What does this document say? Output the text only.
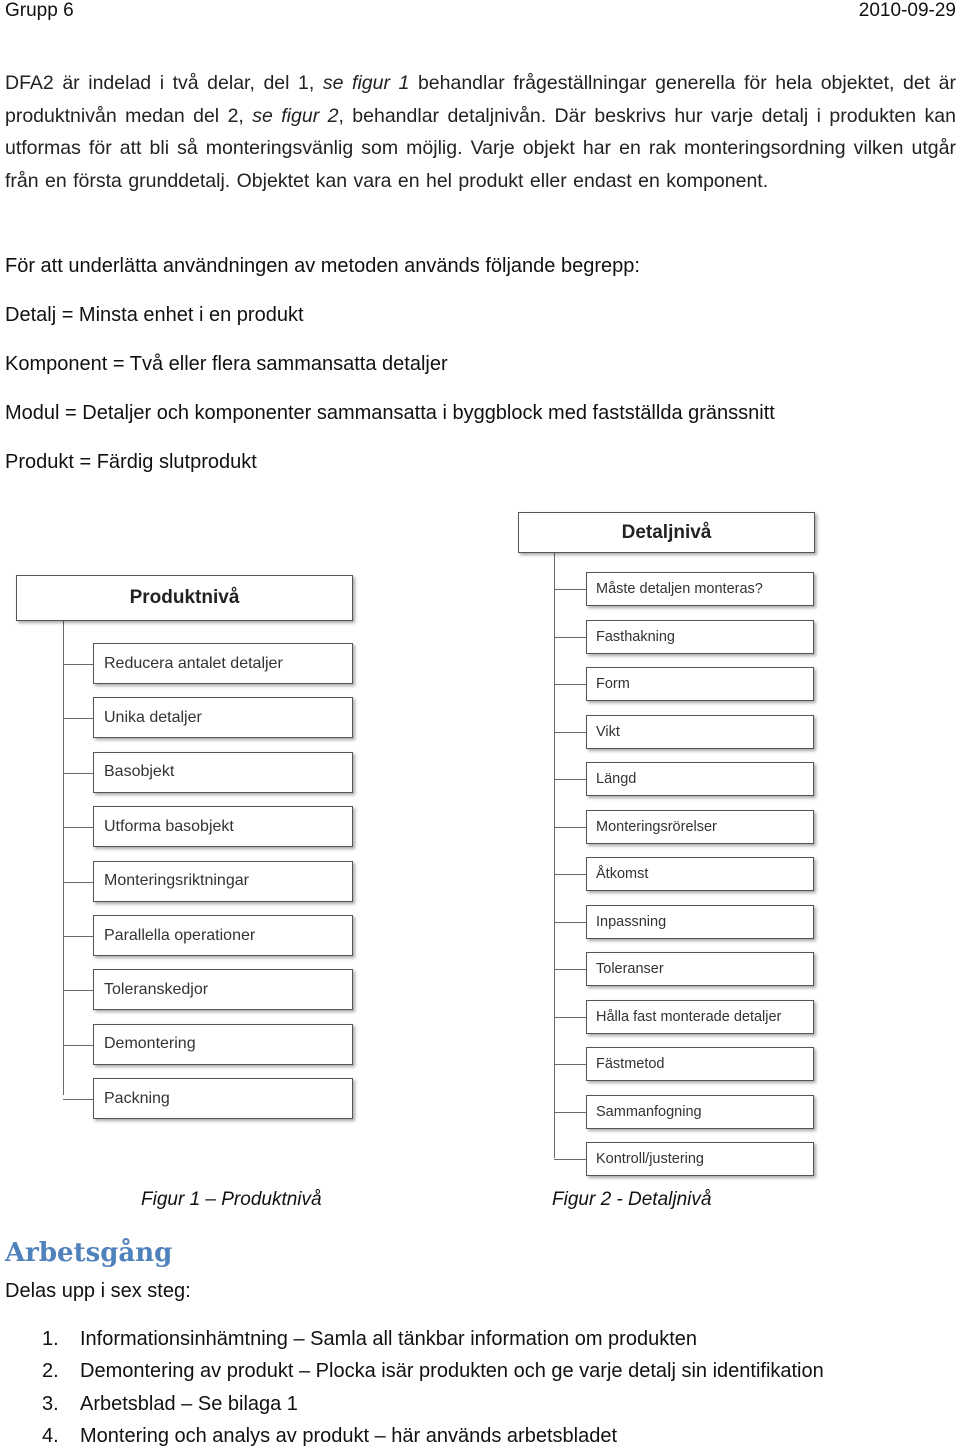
Grupp 6	2010-09-29
DFA2 är indelad i två delar, del 1, se figur 1 behandlar frågeställningar generella för hela objektet, det är produktnivån medan del 2, se figur 2, behandlar detaljnivån. Där beskrivs hur varje detalj i produkten kan utformas för att bli så monteringsvänlig som möjlig. Varje objekt har en rak monteringsordning vilken utgår från en första grunddetalj. Objektet kan vara en hel produkt eller endast en komponent.
För att underlätta användningen av metoden används följande begrepp:
Detalj = Minsta enhet i en produkt
Komponent = Två eller flera sammansatta detaljer
Modul = Detaljer och komponenter sammansatta i byggblock med fastställda gränssnitt
Produkt = Färdig slutprodukt
Produktnivå
Reducera antalet detaljer
Unika detaljer
Basobjekt
Utforma basobjekt
Monteringsriktningar
Parallella operationer
Toleranskedjor
Demontering
Packning
Detaljnivå
Måste detaljen monteras?
Fasthakning
Form
Vikt
Längd
Monteringsrörelser
Åtkomst
Inpassning
Toleranser
Hålla fast monterade detaljer
Fästmetod
Sammanfogning
Kontroll/justering
Figur 1 – Produktnivå	Figur 2 - Detaljnivå
Arbetsgång
Delas upp i sex steg:
1. Informationsinhämtning – Samla all tänkbar information om produkten
2. Demontering av produkt – Plocka isär produkten och ge varje detalj sin identifikation
3. Arbetsblad – Se bilaga 1
4. Montering och analys av produkt – här används arbetsbladet
